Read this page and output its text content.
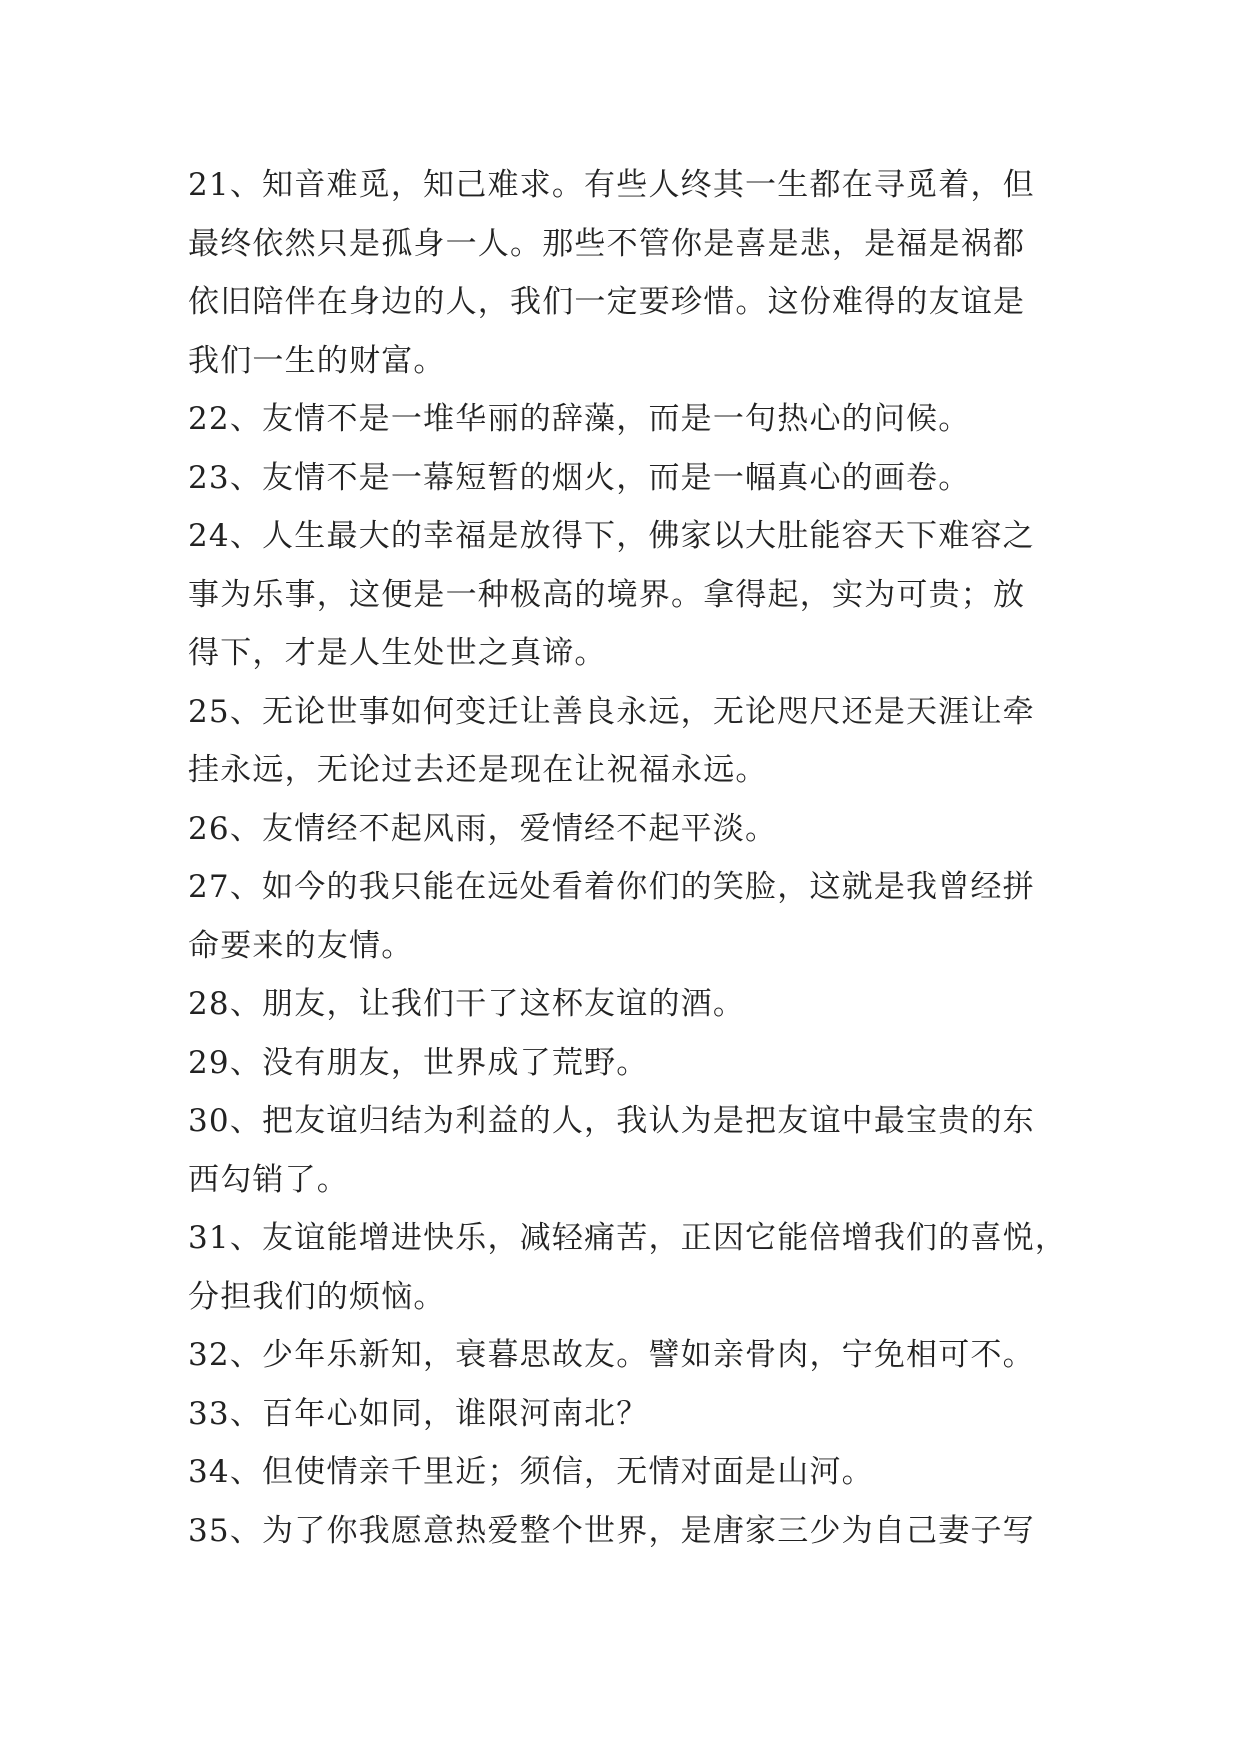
21、知音难觅，知己难求。有些人终其一生都在寻觅着，但
最终依然只是孤身一人。那些不管你是喜是悲，是福是祸都
依旧陪伴在身边的人，我们一定要珍惜。这份难得的友谊是
我们一生的财富。
22、友情不是一堆华丽的辞藻，而是一句热心的问候。
23、友情不是一幕短暂的烟火，而是一幅真心的画卷。
24、人生最大的幸福是放得下，佛家以大肚能容天下难容之
事为乐事，这便是一种极高的境界。拿得起，实为可贵；放
得下，才是人生处世之真谛。
25、无论世事如何变迁让善良永远，无论咫尺还是天涯让牵
挂永远，无论过去还是现在让祝福永远。
26、友情经不起风雨，爱情经不起平淡。
27、如今的我只能在远处看着你们的笑脸，这就是我曾经拼
命要来的友情。
28、朋友，让我们干了这杯友谊的酒。
29、没有朋友，世界成了荒野。
30、把友谊归结为利益的人，我认为是把友谊中最宝贵的东
西勾销了。
31、友谊能增进快乐，减轻痛苦，正因它能倍增我们的喜悦，
分担我们的烦恼。
32、少年乐新知，衰暮思故友。譬如亲骨肉，宁免相可不。
33、百年心如同，谁限河南北？
34、但使情亲千里近；须信，无情对面是山河。
35、为了你我愿意热爱整个世界，是唐家三少为自己妻子写
